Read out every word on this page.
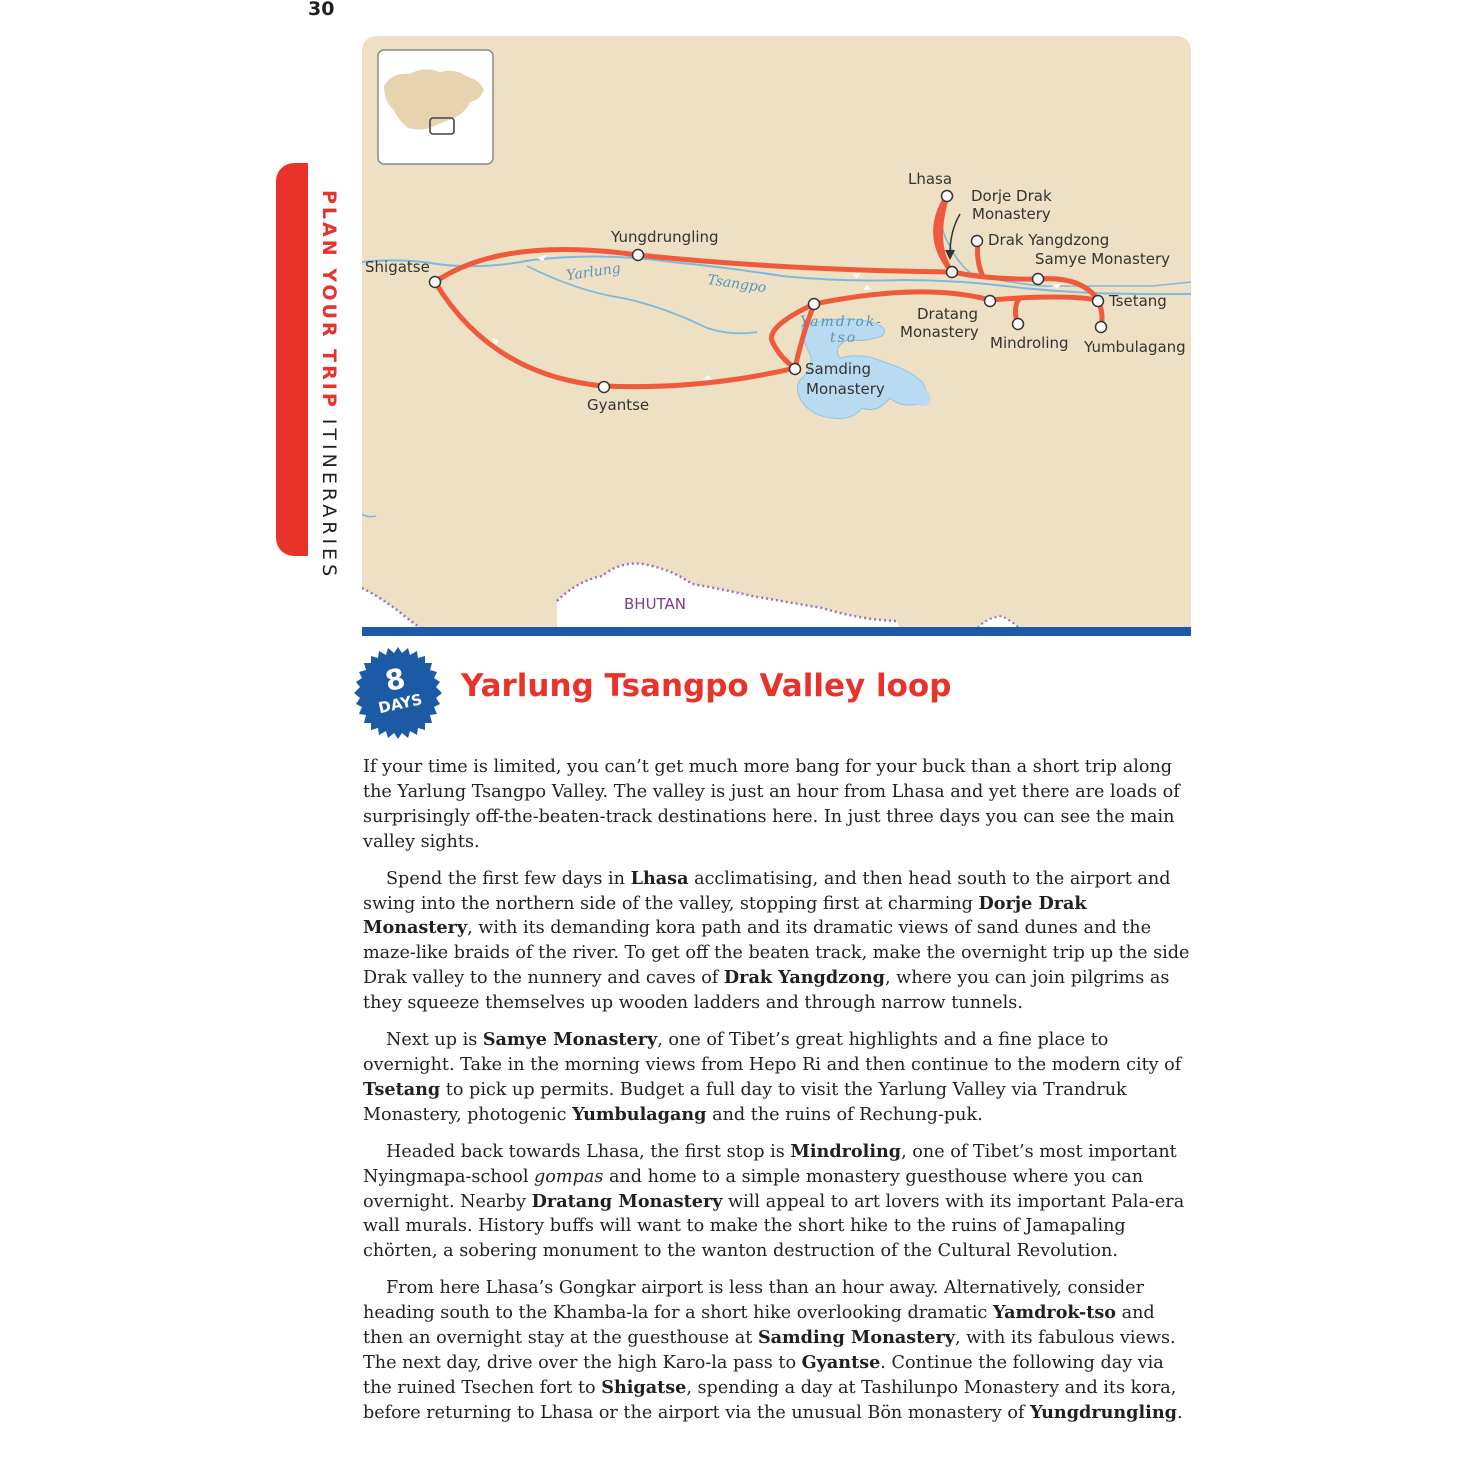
30
PLAN YOUR TRIP ITINERARIES
BHUTAN
Yarlung	Tsangpo
Yamdrok-
tso
Lhasa
Dorje Drak
Monastery
Drak Yangdzong
Samye Monastery
Tsetang
Yumbulagang
Mindroling
Dratang
Monastery
Yungdrungling
Shigatse
Samding
Monastery
Gyantse
8
DAYS Yarlung Tsangpo Valley loop

If your time is limited, you can’t get much more bang for your buck than a short trip along the Yarlung Tsangpo Valley. The valley is just an hour from Lhasa and yet there are loads of surprisingly off-the-beaten-track destinations here. In just three days you can see the main valley sights.

Spend the first few days in Lhasa acclimatising, and then head south to the airport and swing into the northern side of the valley, stopping first at charming Dorje Drak Monastery, with its demanding kora path and its dramatic views of sand dunes and the maze-like braids of the river. To get off the beaten track, make the overnight trip up the side Drak valley to the nunnery and caves of Drak Yangdzong, where you can join pilgrims as they squeeze themselves up wooden ladders and through narrow tunnels.

Next up is Samye Monastery, one of Tibet’s great highlights and a fine place to overnight. Take in the morning views from Hepo Ri and then continue to the modern city of Tsetang to pick up permits. Budget a full day to visit the Yarlung Valley via Trandruk Monastery, photogenic Yumbulagang and the ruins of Rechung-puk.

Headed back towards Lhasa, the first stop is Mindroling, one of Tibet’s most important Nyingmapa-school gompas and home to a simple monastery guesthouse where you can overnight. Nearby Dratang Monastery will appeal to art lovers with its important Pala-era wall murals. History buffs will want to make the short hike to the ruins of Jamapaling chörten, a sobering monument to the wanton destruction of the Cultural Revolution.

From here Lhasa’s Gongkar airport is less than an hour away. Alternatively, consider heading south to the Khamba-la for a short hike overlooking dramatic Yamdrok-tso and then an overnight stay at the guesthouse at Samding Monastery, with its fabulous views. The next day, drive over the high Karo-la pass to Gyantse. Continue the following day via the ruined Tsechen fort to Shigatse, spending a day at Tashilunpo Monastery and its kora, before returning to Lhasa or the airport via the unusual Bön monastery of Yungdrungling.
